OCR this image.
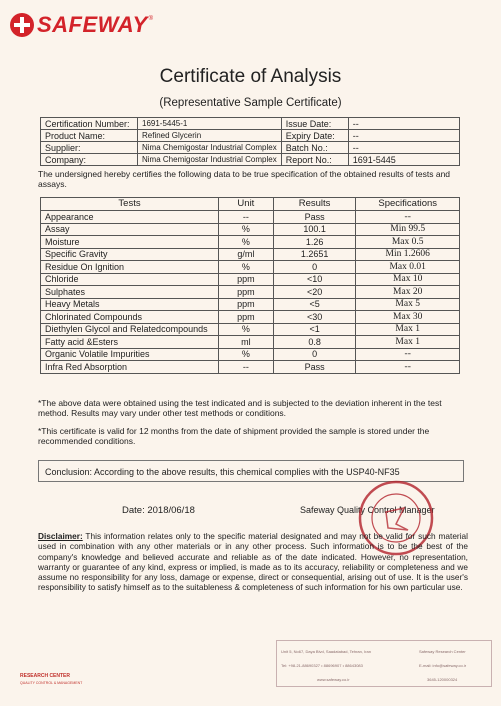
SAFEWAY ®
Certificate of Analysis
(Representative Sample Certificate)
Certification Number:	1691-5445-1	Issue Date:	--
Product Name:	Refined Glycerin	Expiry Date:	--
Supplier:	Nima Chemigostar Industrial Complex	Batch No.:	--
Company:	Nima Chemigostar Industrial Complex	Report No.:	1691-5445
The undersigned hereby certifies the following data to be true specification of the obtained results of tests and assays.
Tests	Unit	Results	Specifications
Appearance	--	Pass	--
Assay	%	100.1	Min 99.5
Moisture	%	1.26	Max 0.5
Specific Gravity	g/ml	1.2651	Min 1.2606
Residue On Ignition	%	0	Max 0.01
Chloride	ppm	<10	Max 10
Sulphates	ppm	<20	Max 20
Heavy Metals	ppm	<5	Max 5
Chlorinated Compounds	ppm	<30	Max 30
Diethylen Glycol and Relatedcompounds	%	<1	Max 1
Fatty acid &Esters	ml	0.8	Max 1
Organic Volatile Impurities	%	0	--
Infra Red Absorption	--	Pass	--
*The above data were obtained using the test indicated and is subjected to the deviation inherent in the test method. Results may vary under other test methods or conditions.
*This certificate is valid for 12 months from the date of shipment provided the sample is stored under the recommended conditions.
Conclusion: According to the above results, this chemical complies with the USP40-NF35
Date: 2018/06/18	Safeway Quality Control Manager
Disclaimer: This information relates only to the specific material designated and may not be valid for such material used in combination with any other materials or in any other process. Such information is to be the best of the company's knowledge and believed accurate and reliable as of the date indicated. However, no representation, warranty or guarantee of any kind, express or implied, is made as to its accuracy, reliability or completeness and we assume no responsibility for any loss, damage or expense, direct or consequential, arising out of use. It is the user's responsibility to satisfy himself as to the suitableness & completeness of such information for his own particular use.
Unit 5, No67, Daya Blvd, Saadatabad, Tehran, Iran	Safeway Research Center
Tel: +98-21-88690327 • 88696907 • 88643083	E-mail: info@safeway.co.ir
www.safeway.co.ir	3645-120000324
RESEARCH CENTER
QUALITY CONTROL & MANAGEMENT
